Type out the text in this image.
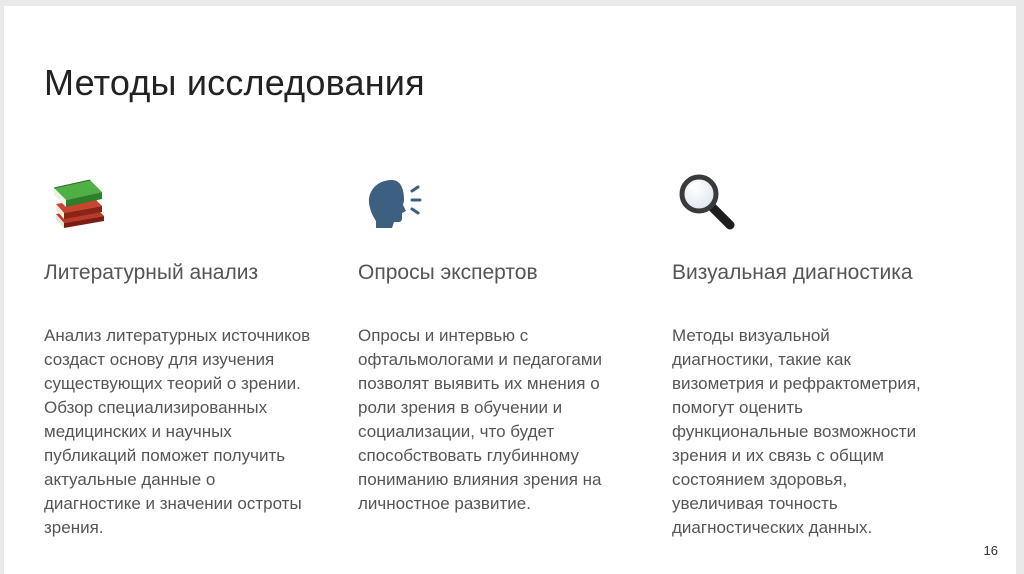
Методы исследования
Литературный анализ

Анализ литературных источников создаст основу для изучения существующих теорий о зрении. Обзор специализированных медицинских и научных публикаций поможет получить актуальные данные о диагностике и значении остроты зрения.

Опросы экспертов

Опросы и интервью с офтальмологами и педагогами позволят выявить их мнения о роли зрения в обучении и социализации, что будет способствовать глубинному пониманию влияния зрения на личностное развитие.

Визуальная диагностика

Методы визуальной диагностики, такие как визометрия и рефрактометрия, помогут оценить функциональные возможности зрения и их связь с общим состоянием здоровья, увеличивая точность диагностических данных.

16
